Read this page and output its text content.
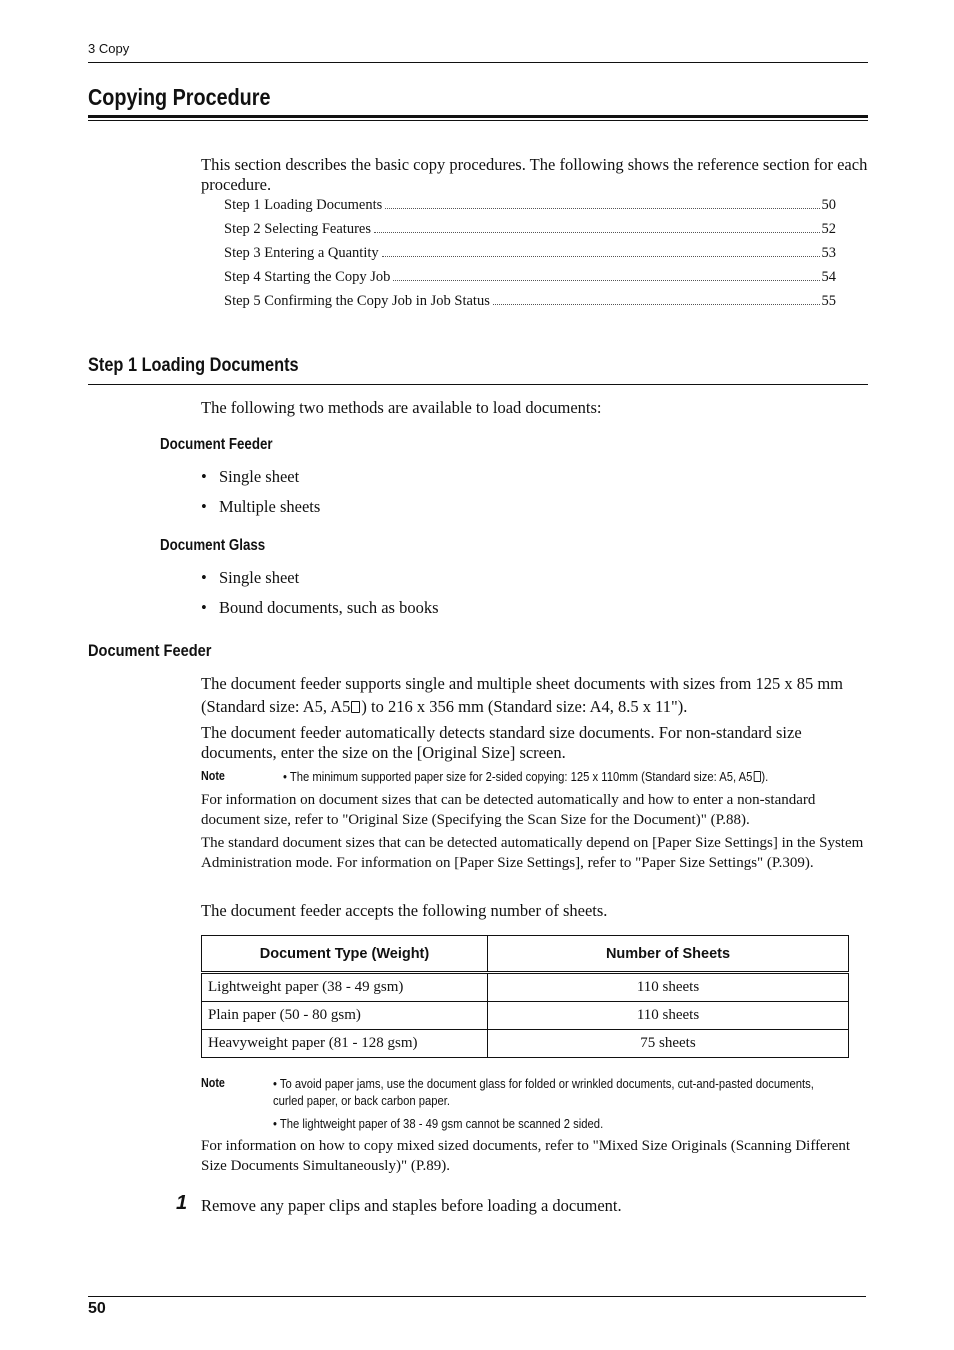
3 Copy
Copying Procedure
This section describes the basic copy procedures. The following shows the reference section for each procedure.
Step 1 Loading Documents	50
Step 2 Selecting Features	52
Step 3 Entering a Quantity	53
Step 4 Starting the Copy Job	54
Step 5 Confirming the Copy Job in Job Status	55
Step 1 Loading Documents
The following two methods are available to load documents:
Document Feeder
• Single sheet
• Multiple sheets
Document Glass
• Single sheet
• Bound documents, such as books
Document Feeder
The document feeder supports single and multiple sheet documents with sizes from 125 x 85 mm (Standard size: A5, A5 ) to 216 x 356 mm (Standard size: A4, 8.5 x 11").
The document feeder automatically detects standard size documents. For non-standard size documents, enter the size on the [Original Size] screen.
Note	• The minimum supported paper size for 2-sided copying: 125 x 110mm (Standard size: A5, A5 ).
For information on document sizes that can be detected automatically and how to enter a non-standard document size, refer to "Original Size (Specifying the Scan Size for the Document)" (P.88).
The standard document sizes that can be detected automatically depend on [Paper Size Settings] in the System Administration mode. For information on [Paper Size Settings], refer to "Paper Size Settings" (P.309).
The document feeder accepts the following number of sheets.
Document Type (Weight)	Number of Sheets
Lightweight paper (38 - 49 gsm)	110 sheets
Plain paper (50 - 80 gsm)	110 sheets
Heavyweight paper (81 - 128 gsm)	75 sheets
Note	• To avoid paper jams, use the document glass for folded or wrinkled documents, cut-and-pasted documents, curled paper, or back carbon paper.
• The lightweight paper of 38 - 49 gsm cannot be scanned 2 sided.
For information on how to copy mixed sized documents, refer to "Mixed Size Originals (Scanning Different Size Documents Simultaneously)" (P.89).
1 Remove any paper clips and staples before loading a document.
50
